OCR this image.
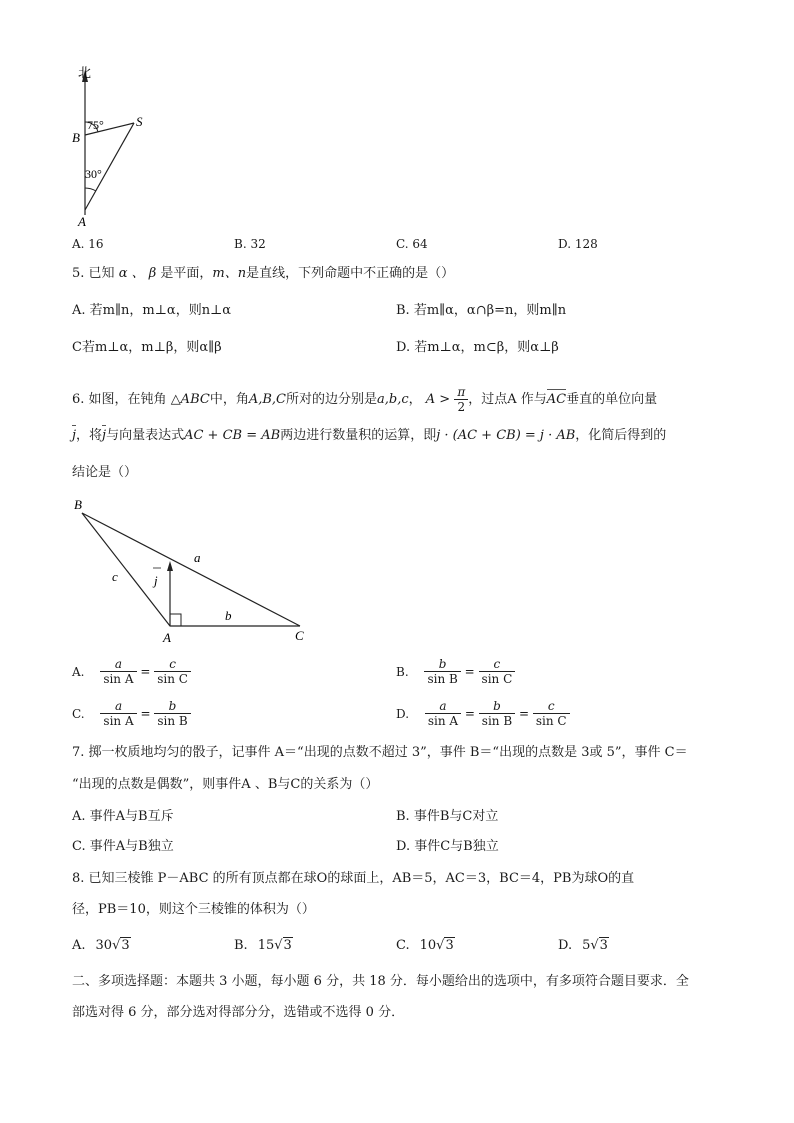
北
B
S
A
75°
30°
A. 16	B. 32	C. 64	D. 128
5. 已知 α 、 β 是平面，m、n是直线，下列命题中不正确的是（）
A. 若m∥n，m⊥α，则n⊥α	B. 若m∥α，α∩β=n，则m∥n
C若m⊥α，m⊥β，则α∥β	D. 若m⊥α，m⊂β，则α⊥β
6. 如图，在钝角 △ABC中，角A,B,C所对的边分别是a,b,c， $A > \frac{\pi}{2}$ ，过点A 作与AC垂直的单位向量
j，将j与向量表达式AC + CB = AB两边进行数量积的运算，即j · (AC + CB) = j · AB，化简后得到的
结论是（）
B
A	C
a
b
c	j
A. $\frac{a}{\text{sin A}} = \frac{c}{\text{sin C}}$	B. $\frac{b}{\text{sin B}} = \frac{c}{\text{sin C}}$
C. $\frac{a}{\text{sin A}} = \frac{b}{\text{sin B}}$	D. $\frac{a}{\text{sin A}} = \frac{b}{\text{sin B}} = \frac{c}{\text{sin C}}$
7. 掷一枚质地均匀的骰子，记事件 A＝“出现的点数不超过 3”，事件 B＝“出现的点数是 3或 5”，事件 C＝
“出现的点数是偶数”，则事件A 、B与C的关系为（）
A. 事件A与B互斥	B. 事件B与C对立
C. 事件A与B独立	D. 事件C与B独立
8. 已知三棱锥 P－ABC 的所有顶点都在球O的球面上，AB＝5，AC＝3，BC＝4，PB为球O的直
径，PB＝10，则这个三棱锥的体积为（）
A. 30√3	B. 15√3	C. 10√3	D. 5√3
二、多项选择题：本题共 3 小题，每小题 6 分，共 18 分．每小题给出的选项中，有多项符合题目要求．全
部选对得 6 分，部分选对得部分分，选错或不选得 0 分．
